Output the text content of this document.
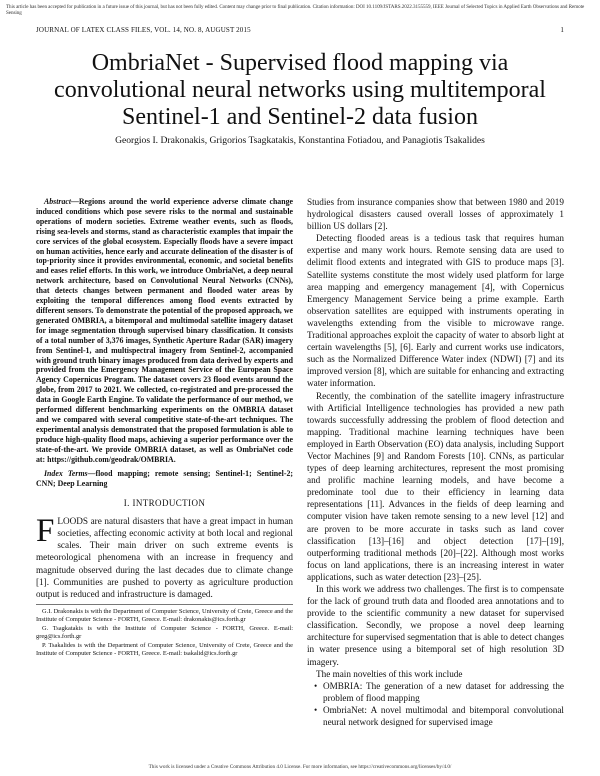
This article has been accepted for publication in a future issue of this journal, but has not been fully edited. Content may change prior to final publication. Citation information: DOI 10.1109/JSTARS.2022.3155559, IEEE Journal of Selected Topics in Applied Earth Observations and Remote Sensing
JOURNAL OF LATEX CLASS FILES, VOL. 14, NO. 8, AUGUST 2015	1
OmbriaNet - Supervised flood mapping via convolutional neural networks using multitemporal Sentinel-1 and Sentinel-2 data fusion
Georgios I. Drakonakis, Grigorios Tsagkatakis, Konstantina Fotiadou, and Panagiotis Tsakalides

Abstract—Regions around the world experience adverse climate change induced conditions which pose severe risks to the normal and sustainable operations of modern societies. Extreme weather events, such as floods, rising sea-levels and storms, stand as characteristic examples that impair the core services of the global ecosystem. Especially floods have a severe impact on human activities, hence early and accurate delineation of the disaster is of top-priority since it provides environmental, economic, and societal benefits and eases relief efforts. In this work, we introduce OmbriaNet, a deep neural network architecture, based on Convolutional Neural Networks (CNNs), that detects changes between permanent and flooded water areas by exploiting the temporal differences among flood events extracted by different sensors. To demonstrate the potential of the proposed approach, we generated OMBRIA, a bitemporal and multimodal satellite imagery dataset for image segmentation through supervised binary classification. It consists of a total number of 3,376 images, Synthetic Aperture Radar (SAR) imagery from Sentinel-1, and multispectral imagery from Sentinel-2, accompanied with ground truth binary images produced from data derived by experts and provided from the Emergency Management Service of the European Space Agency Copernicus Program. The dataset covers 23 flood events around the globe, from 2017 to 2021. We collected, co-registrated and pre-processed the data in Google Earth Engine. To validate the performance of our method, we performed different benchmarking experiments on the OMBRIA dataset and we compared with several competitive state-of-the-art techniques. The experimental analysis demonstrated that the proposed formulation is able to produce high-quality flood maps, achieving a superior performance over the state-of-the-art. We provide OMBRIA dataset, as well as OmbriaNet code at: https://github.com/geodrak/OMBRIA.

Index Terms—flood mapping; remote sensing; Sentinel-1; Sentinel-2; CNN; Deep Learning

I. INTRODUCTION

FLOODS are natural disasters that have a great impact in human societies, affecting economic activity at both local and regional scales. Their main driver on such extreme events is meteorological phenomena with an increase in frequency and magnitude observed during the last decades due to climate change [1]. Communities are pushed to poverty as agriculture production output is reduced and infrastructure is damaged.

G.I. Drakonakis is with the Department of Computer Science, University of Crete, Greece and the Institute of Computer Science - FORTH, Greece. E-mail: drakonakis@ics.forth.gr

G. Tsagkatakis is with the Institute of Computer Science - FORTH, Greece. E-mail: greg@ics.forth.gr

P. Tsakalides is with the Department of Computer Science, University of Crete, Greece and the Institute of Computer Science - FORTH, Greece. E-mail: tsakalid@ics.forth.gr

Studies from insurance companies show that between 1980 and 2019 hydrological disasters caused overall losses of approximately 1 billion US dollars [2].

Detecting flooded areas is a tedious task that requires human expertise and many work hours. Remote sensing data are used to delimit flood extents and integrated with GIS to produce maps [3]. Satellite systems constitute the most widely used platform for large area mapping and emergency management [4], with Copernicus Emergency Management Service being a prime example. Earth observation satellites are equipped with instruments operating in wavelengths extending from the visible to microwave range. Traditional approaches exploit the capacity of water to absorb light at certain wavelengths [5], [6]. Early and current works use indicators, such as the Normalized Difference Water index (NDWI) [7] and its improved version [8], which are suitable for enhancing and extracting water information.

Recently, the combination of the satellite imagery infrastructure with Artificial Intelligence technologies has provided a new path towards successfully addressing the problem of flood detection and mapping. Traditional machine learning techniques have been employed in Earth Observation (EO) data analysis, including Support Vector Machines [9] and Random Forests [10]. CNNs, as particular types of deep learning architectures, represent the most promising and prolific machine learning models, and have become a predominate tool due to their efficiency in learning data representations [11]. Advances in the fields of deep learning and computer vision have taken remote sensing to a new level [12] and are proven to be more accurate in tasks such as land cover classification [13]–[16] and object detection [17]–[19], outperforming traditional methods [20]–[22]. Although most works focus on land applications, there is an increasing interest in water applications, such as water detection [23]–[25].

In this work we address two challenges. The first is to compensate for the lack of ground truth data and flooded area annotations and to provide to the scientific community a new dataset for supervised classification. Secondly, we propose a novel deep learning architecture for supervised segmentation that is able to detect changes in water presence using a bitemporal set of high resolution 3D imagery.

The main novelties of this work include

• OMBRIA: The generation of a new dataset for addressing the problem of flood mapping
• OmbriaNet: A novel multimodal and bitemporal convolutional neural network designed for supervised image
This work is licensed under a Creative Commons Attribution 4.0 License. For more information, see https://creativecommons.org/licenses/by/4.0/
